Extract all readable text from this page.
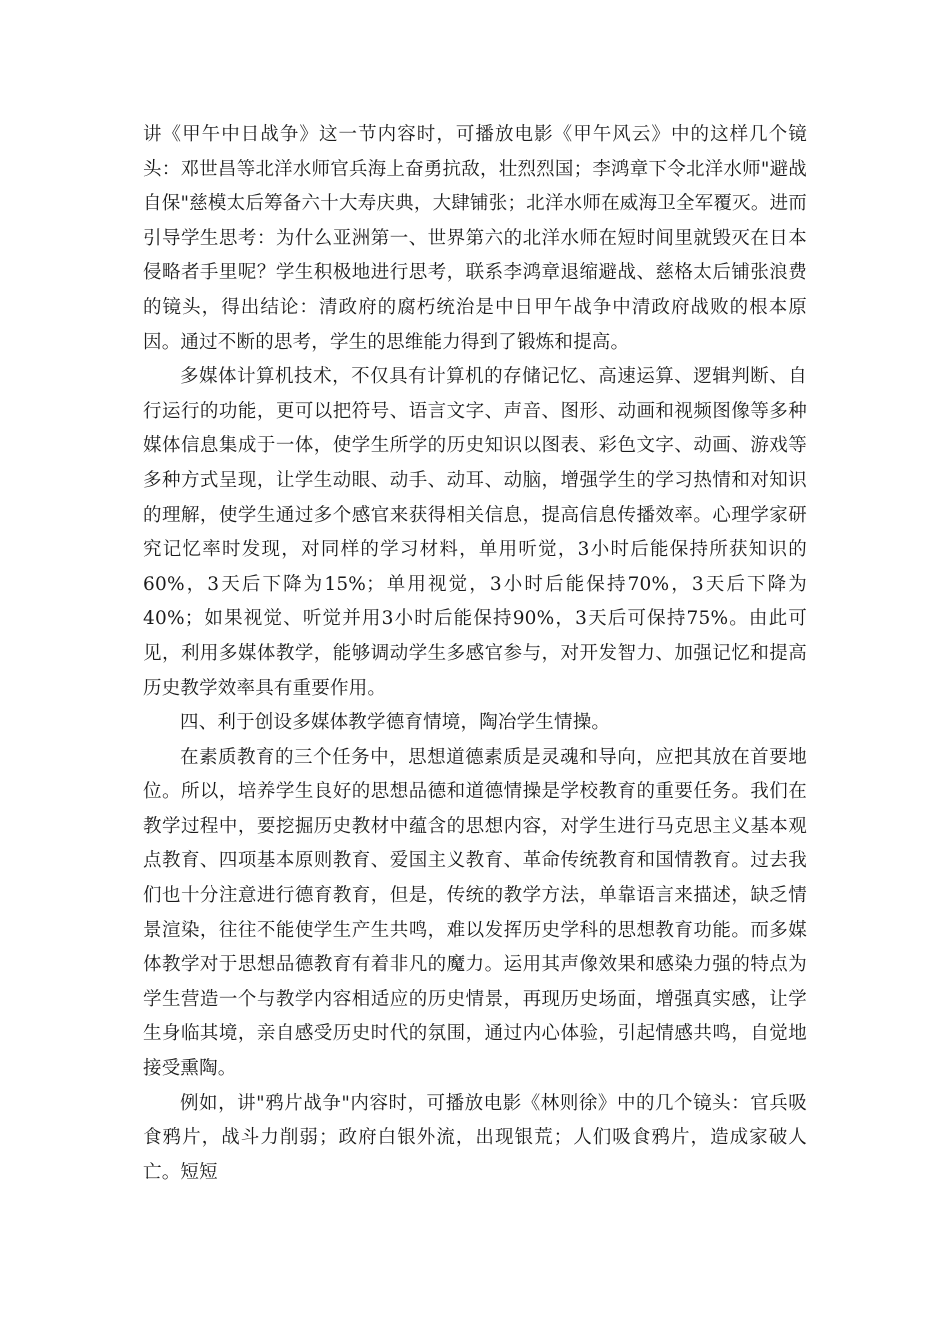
讲《甲午中日战争》这一节内容时，可播放电影《甲午风云》中的这样几个镜头：邓世昌等北洋水师官兵海上奋勇抗敌，壮烈烈国；李鸿章下令北洋水师"避战自保"慈模太后筹备六十大寿庆典，大肆铺张；北洋水师在威海卫全军覆灭。进而引导学生思考：为什么亚洲第一、世界第六的北洋水师在短时间里就毁灭在日本侵略者手里呢？学生积极地进行思考，联系李鸿章退缩避战、慈格太后铺张浪费的镜头，得出结论：清政府的腐朽统治是中日甲午战争中清政府战败的根本原因。通过不断的思考，学生的思维能力得到了锻炼和提高。

多媒体计算机技术，不仅具有计算机的存储记忆、高速运算、逻辑判断、自行运行的功能，更可以把符号、语言文字、声音、图形、动画和视频图像等多种媒体信息集成于一体，使学生所学的历史知识以图表、彩色文字、动画、游戏等多种方式呈现，让学生动眼、动手、动耳、动脑，增强学生的学习热情和对知识的理解，使学生通过多个感官来获得相关信息，提高信息传播效率。心理学家研究记忆率时发现，对同样的学习材料，单用听觉，3小时后能保持所获知识的60%，3天后下降为15%；单用视觉，3小时后能保持70%，3天后下降为40%；如果视觉、听觉并用3小时后能保持90%，3天后可保持75%。由此可见，利用多媒体教学，能够调动学生多感官参与，对开发智力、加强记忆和提高历史教学效率具有重要作用。

四、利于创设多媒体教学德育情境，陶冶学生情操。

在素质教育的三个任务中，思想道德素质是灵魂和导向，应把其放在首要地位。所以，培养学生良好的思想品德和道德情操是学校教育的重要任务。我们在教学过程中，要挖掘历史教材中蕴含的思想内容，对学生进行马克思主义基本观点教育、四项基本原则教育、爱国主义教育、革命传统教育和国情教育。过去我们也十分注意进行德育教育，但是，传统的教学方法，单靠语言来描述，缺乏情景渲染，往往不能使学生产生共鸣，难以发挥历史学科的思想教育功能。而多媒体教学对于思想品德教育有着非凡的魔力。运用其声像效果和感染力强的特点为学生营造一个与教学内容相适应的历史情景，再现历史场面，增强真实感，让学生身临其境，亲自感受历史时代的氛围，通过内心体验，引起情感共鸣，自觉地接受熏陶。

例如，讲"鸦片战争"内容时，可播放电影《林则徐》中的几个镜头：官兵吸食鸦片，战斗力削弱；政府白银外流，出现银荒；人们吸食鸦片，造成家破人亡。短短
